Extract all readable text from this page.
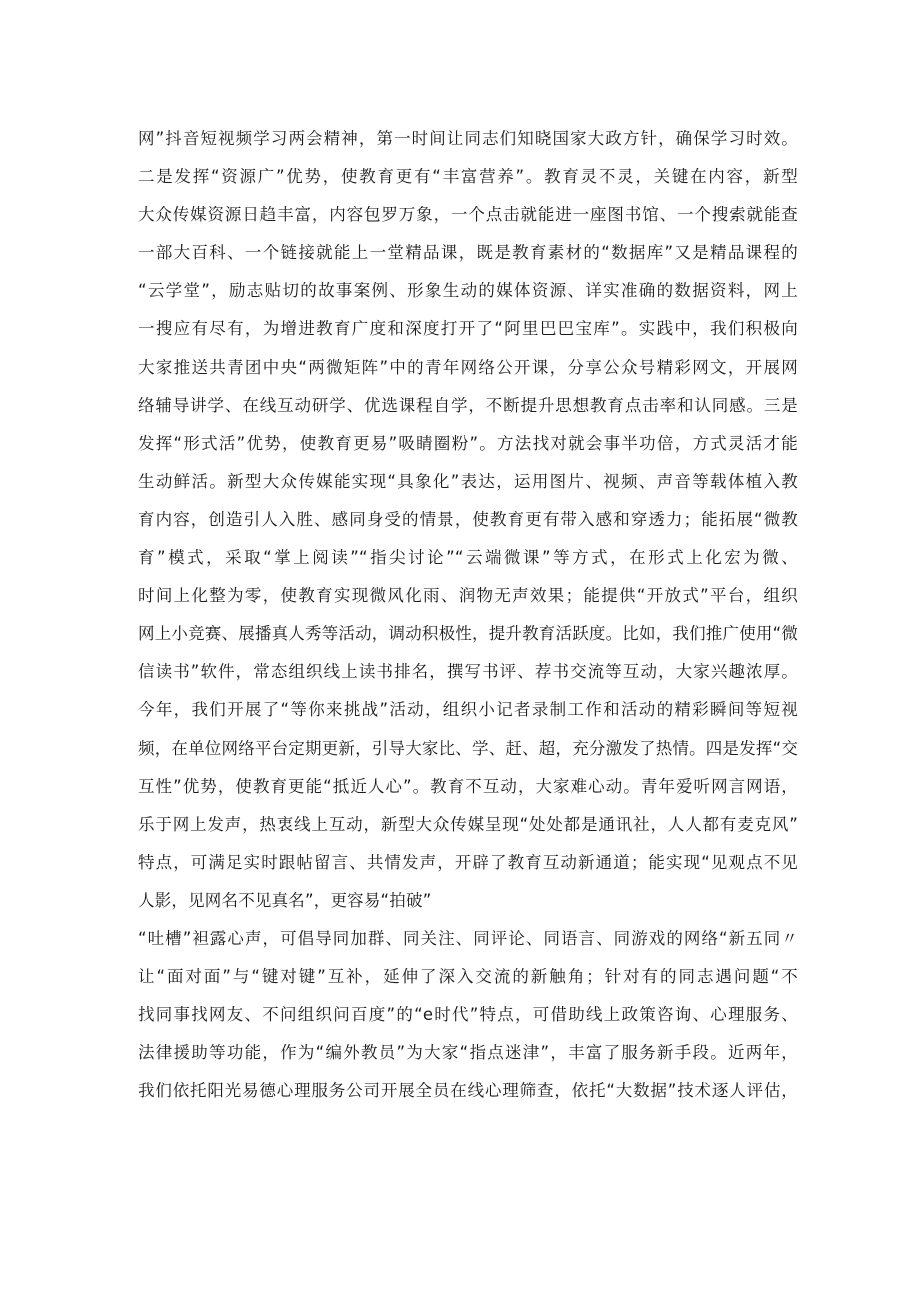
网”抖音短视频学习两会精神，第一时间让同志们知晓国家大政方针，确保学习时效。
二是发挥“资源广”优势，使教育更有“丰富营养”。教育灵不灵，关键在内容，新型
大众传媒资源日趋丰富，内容包罗万象，一个点击就能进一座图书馆、一个搜索就能查
一部大百科、一个链接就能上一堂精品课，既是教育素材的“数据库”又是精品课程的
“云学堂”，励志贴切的故事案例、形象生动的媒体资源、详实准确的数据资料，网上
一搜应有尽有，为增进教育广度和深度打开了“阿里巴巴宝库”。实践中，我们积极向
大家推送共青团中央“两微矩阵”中的青年网络公开课，分享公众号精彩网文，开展网
络辅导讲学、在线互动研学、优选课程自学，不断提升思想教育点击率和认同感。三是
发挥“形式活”优势，使教育更易”吸睛圈粉”。方法找对就会事半功倍，方式灵活才能
生动鲜活。新型大众传媒能实现“具象化”表达，运用图片、视频、声音等载体植入教
育内容，创造引人入胜、感同身受的情景，使教育更有带入感和穿透力；能拓展“微教
育”模式，采取“掌上阅读”“指尖讨论”“云端微课”等方式，在形式上化宏为微、
时间上化整为零，使教育实现微风化雨、润物无声效果；能提供“开放式”平台，组织
网上小竞赛、展播真人秀等活动，调动积极性，提升教育活跃度。比如，我们推广使用“微
信读书”软件，常态组织线上读书排名，撰写书评、荐书交流等互动，大家兴趣浓厚。
今年，我们开展了“等你来挑战”活动，组织小记者录制工作和活动的精彩瞬间等短视
频，在单位网络平台定期更新，引导大家比、学、赶、超，充分激发了热情。四是发挥“交
互性”优势，使教育更能“抵近人心”。教育不互动，大家难心动。青年爱听网言网语，
乐于网上发声，热衷线上互动，新型大众传媒呈现“处处都是通讯社，人人都有麦克风”
特点，可满足实时跟帖留言、共情发声，开辟了教育互动新通道；能实现“见观点不见
人影，见网名不见真名”，更容易“拍破”
“吐槽”袒露心声，可倡导同加群、同关注、同评论、同语言、同游戏的网络“新五同〃
让“面对面”与“键对键”互补，延伸了深入交流的新触角；针对有的同志遇问题“不
找同事找网友、不问组织问百度”的“e时代”特点，可借助线上政策咨询、心理服务、
法律援助等功能，作为“编外教员”为大家“指点迷津”，丰富了服务新手段。近两年，
我们依托阳光易德心理服务公司开展全员在线心理筛查，依托“大数据”技术逐人评估，
